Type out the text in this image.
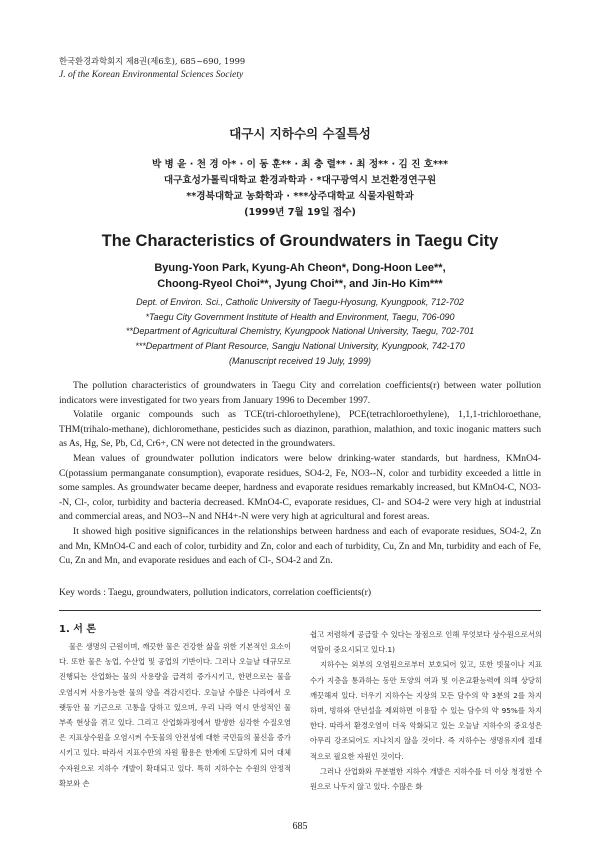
한국환경과학회지 제8권(제6호), 685~690, 1999
J. of the Korean Environmental Sciences Society
대구시 지하수의 수질특성
박 병 윤 · 천 경 아* · 이 동 훈** · 최 충 렬** · 최 정** · 김 진 호***
대구효성가톨릭대학교 환경과학과 · *대구광역시 보건환경연구원
**경북대학교 농화학과 · ***상주대학교 식물자원학과
(1999년 7월 19일 접수)
The Characteristics of Groundwaters in Taegu City
Byung-Yoon Park, Kyung-Ah Cheon*, Dong-Hoon Lee**,
Choong-Ryeol Choi**, Jyung Choi**, and Jin-Ho Kim***
Dept. of Environ. Sci., Catholic University of Taegu-Hyosung, Kyungpook, 712-702
*Taegu City Government Institute of Health and Environment, Taegu, 706-090
**Department of Agricultural Chemistry, Kyungpook National University, Taegu, 702-701
***Department of Plant Resource, Sangju National University, Kyungpook, 742-170
(Manuscript received 19 July, 1999)

The pollution characteristics of groundwaters in Taegu City and correlation coefficients(r) between water pollution indicators were investigated for two years from January 1996 to December 1997.

Volatile organic compounds such as TCE(tri-chloroethylene), PCE(tetrachloroethylene), 1,1,1-trichloroethane, THM(trihalo-methane), dichloromethane, pesticides such as diazinon, parathion, malathion, and toxic inoganic matters such as As, Hg, Se, Pb, Cd, Cr6+, CN were not detected in the groundwaters.

Mean values of groundwater pollution indicators were below drinking-water standards, but hardness, KMnO4-C(potassium permanganate consumption), evaporate residues, SO4-2, Fe, NO3--N, color and turbidity exceeded a little in some samples. As groundwater became deeper, hardness and evaporate residues remarkably increased, but KMnO4-C, NO3--N, Cl-, color, turbidity and bacteria decreased. KMnO4-C, evaporate residues, Cl- and SO4-2 were very high at industrial and commercial areas, and NO3--N and NH4+-N were very high at agricultural and forest areas.

It showed high positive significances in the relationships between hardness and each of evaporate residues, SO4-2, Zn and Mn, KMnO4-C and each of color, turbidity and Zn, color and each of turbidity, Cu, Zn and Mn, turbidity and each of Fe, Cu, Zn and Mn, and evaporate residues and each of Cl-, SO4-2 and Zn.

Key words : Taegu, groundwaters, pollution indicators, correlation coefficients(r)
1. 서 론

물은 생명의 근원이며, 깨끗한 물은 건강한 삶을 위한 기본적인 요소이다. 또한 물은 농업, 수산업 및 공업의 기반이다. 그러나 오늘날 대규모로 진행되는 산업화는 물의 사용량을 급격히 증가시키고, 한편으로는 물을 오염시켜 사용가능한 물의 양을 격감시킨다. 오늘날 수많은 나라에서 오랫동안 물 기근으로 고통을 당하고 있으며, 우리 나라 역시 만성적인 물 부족 현상을 겪고 있다. 그리고 산업화과정에서 발생한 심각한 수질오염은 지표상수원을 오염시켜 수돗물의 안전성에 대한 국민들의 불신을 증가시키고 있다. 따라서 지표수만의 자원 활용은 한계에 도달하게 되어 대체 수자원으로 지하수 개발이 확대되고 있다. 특히 지하수는 수원의 안정적 확보와 손

쉽고 저렴하게 공급할 수 있다는 장점으로 인해 무엇보다 상수원으로서의 역할이 중요시되고 있다.1)

지하수는 외부의 오염원으로부터 보호되어 있고, 또한 빗물이나 지표수가 지층을 통과하는 동안 토양의 여과 및 이온교환능력에 의해 상당히 깨끗해져 있다. 더우기 지하수는 지상의 모든 담수의 약 3분의 2를 차지하며, 빙하와 만년설을 제외하면 이용할 수 있는 담수의 약 95%를 차지한다. 따라서 환경오염이 더욱 악화되고 있는 오늘날 지하수의 중요성은 아무리 강조되어도 지나치지 않을 것이다. 즉 지하수는 생명유지에 절대적으로 필요한 자원인 것이다.

그러나 산업화와 무분별한 지하수 개발은 지하수를 더 이상 청정한 수원으로 나두지 않고 있다. 수많은 화

685
